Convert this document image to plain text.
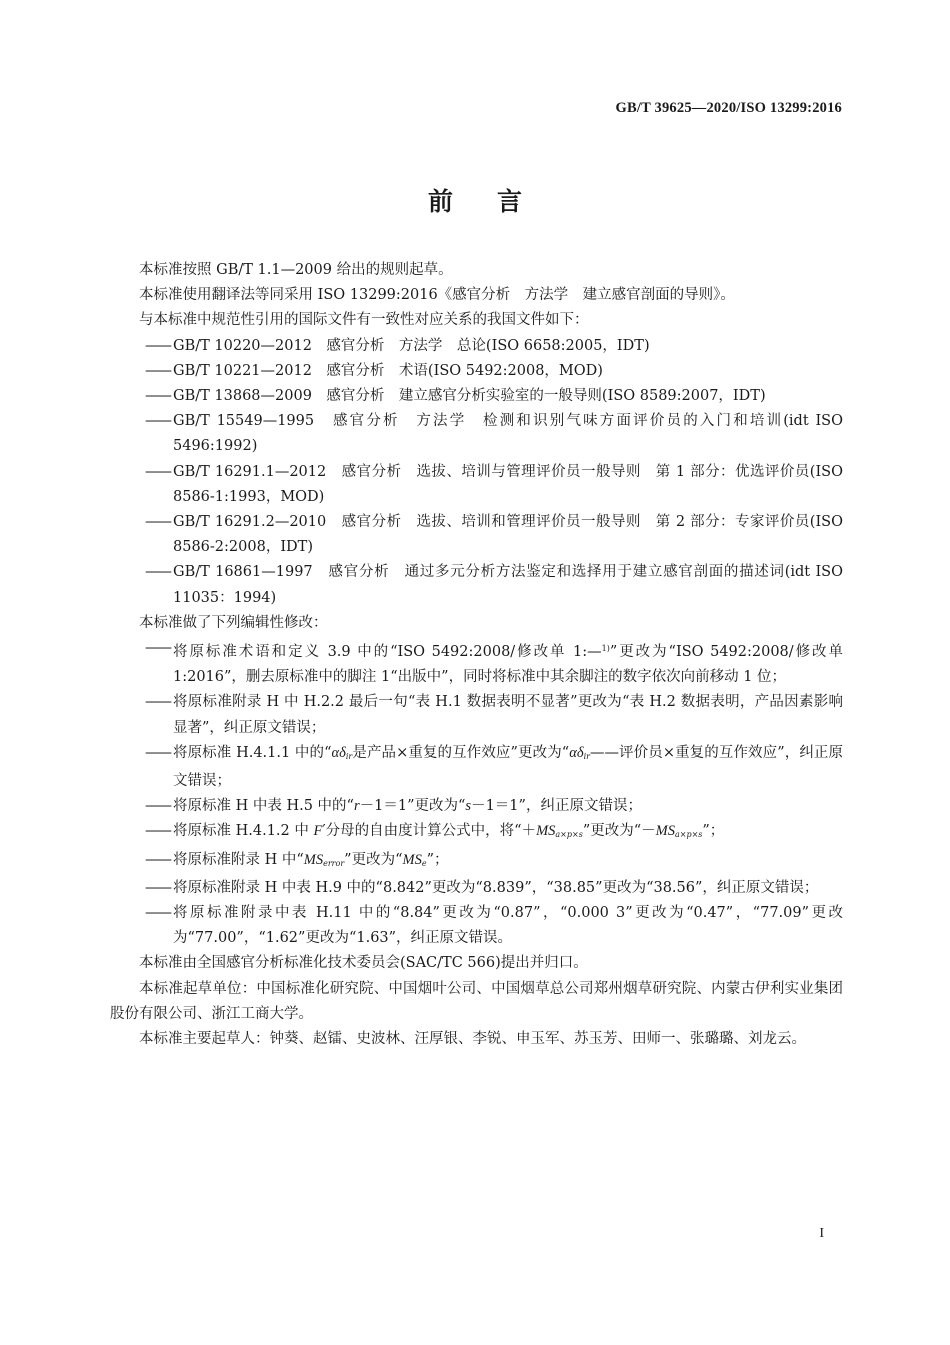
GB/T 39625—2020/ISO 13299:2016
前言

本标准按照 GB/T 1.1—2009 给出的规则起草。

本标准使用翻译法等同采用 ISO 13299:2016《感官分析　方法学　建立感官剖面的导则》。

与本标准中规范性引用的国际文件有一致性对应关系的我国文件如下：

—— GB/T 10220—2012　感官分析　方法学　总论(ISO 6658:2005，IDT)

—— GB/T 10221—2012　感官分析　术语(ISO 5492:2008，MOD)

—— GB/T 13868—2009　感官分析　建立感官分析实验室的一般导则(ISO 8589:2007，IDT)

—— GB/T 15549—1995　感官分析　方法学　检测和识别气味方面评价员的入门和培训(idt ISO 5496:1992)

—— GB/T 16291.1—2012　感官分析　选拔、培训与管理评价员一般导则　第 1 部分：优选评价员(ISO 8586-1:1993，MOD)

—— GB/T 16291.2—2010　感官分析　选拔、培训和管理评价员一般导则　第 2 部分：专家评价员(ISO 8586-2:2008，IDT)

—— GB/T 16861—1997　感官分析　通过多元分析方法鉴定和选择用于建立感官剖面的描述词(idt ISO 11035：1994)

本标准做了下列编辑性修改：

—— 将原标准术语和定义 3.9 中的“ISO 5492:2008/修改单 1:—$^{1)}$”更改为“ISO 5492:2008/修改单 1:2016”，删去原标准中的脚注 1“出版中”，同时将标准中其余脚注的数字依次向前移动 1 位；

—— 将原标准附录 H 中 H.2.2 最后一句“表 H.1 数据表明不显著”更改为“表 H.2 数据表明，产品因素影响显著”，纠正原文错误；

—— 将原标准 H.4.1.1 中的“$\alpha\delta_{ir}$是产品×重复的互作效应”更改为“$\alpha\delta_{ir}——$评价员×重复的互作效应”，纠正原文错误；

—— 将原标准 H 中表 H.5 中的“r－1＝1”更改为“s－1＝1”，纠正原文错误；

—— 将原标准 H.4.1.2 中 F′分母的自由度计算公式中，将“$+MS_{a\times p\times s}$”更改为“$-MS_{a\times p\times s}$”；

—— 将原标准附录 H 中“$MS_{error}$”更改为“$MS_e$”；

—— 将原标准附录 H 中表 H.9 中的“8.842”更改为“8.839”，“38.85”更改为“38.56”，纠正原文错误；

—— 将原标准附录中表 H.11 中的“8.84”更改为“0.87”，“0.000 3”更改为“0.47”，“77.09”更改为“77.00”，“1.62”更改为“1.63”，纠正原文错误。

本标准由全国感官分析标准化技术委员会(SAC/TC 566)提出并归口。

本标准起草单位：中国标准化研究院、中国烟叶公司、中国烟草总公司郑州烟草研究院、内蒙古伊利实业集团股份有限公司、浙江工商大学。

本标准主要起草人：钟葵、赵镭、史波林、汪厚银、李锐、申玉军、苏玉芳、田师一、张璐璐、刘龙云。

I
